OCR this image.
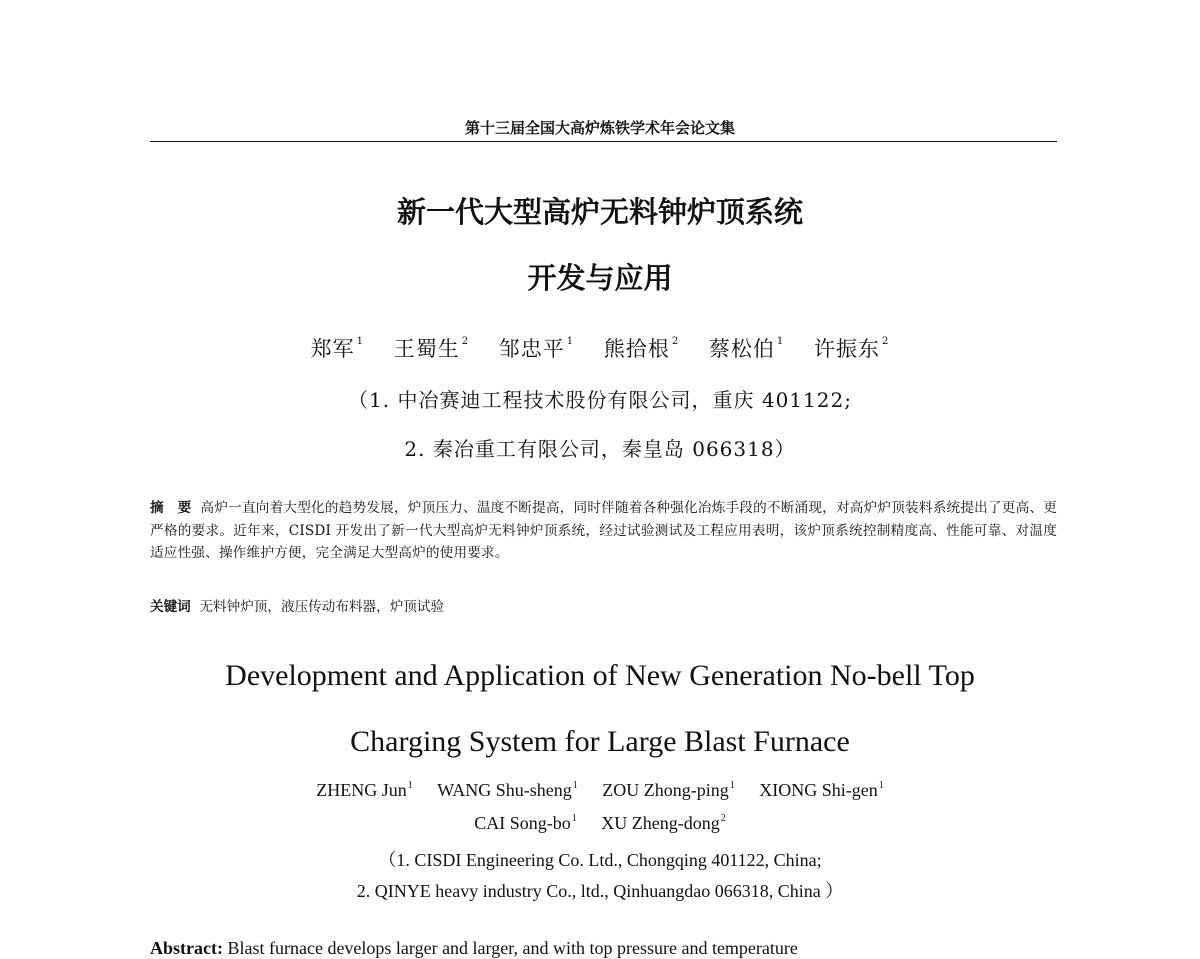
第十三届全国大高炉炼铁学术年会论文集
新一代大型高炉无料钟炉顶系统
开发与应用
郑军 $^1$ 王蜀生 $^2$ 邹忠平 $^1$ 熊拾根 $^2$ 蔡松伯 $^1$ 许振东 $^2$
（1. 中冶赛迪工程技术股份有限公司，重庆 401122;
2. 秦冶重工有限公司，秦皇岛 066318）
摘　要 高炉一直向着大型化的趋势发展，炉顶压力、温度不断提高，同时伴随着各种强化冶炼手段的不断涌现，对高炉炉顶装料系统提出了更高、更严格的要求。近年来，CISDI 开发出了新一代大型高炉无料钟炉顶系统，经过试验测试及工程应用表明，该炉顶系统控制精度高、性能可靠、对温度适应性强、操作维护方便，完全满足大型高炉的使用要求。
关键词 无料钟炉顶，液压传动布料器，炉顶试验
Development and Application of New Generation No-bell Top
Charging System for Large Blast Furnace
ZHENG Jun$^1$ WANG Shu-sheng$^1$ ZOU Zhong-ping$^1$ XIONG Shi-gen$^1$
CAI Song-$bo^1$ XU Zheng-dong$^2$
（1. CISDI Engineering Co. Ltd., Chongqing 401122, China;
2. QINYE heavy industry Co., ltd., Qinhuangdao 066318, China ）
Abstract: Blast furnace develops larger and larger, and with top pressure and temperature
